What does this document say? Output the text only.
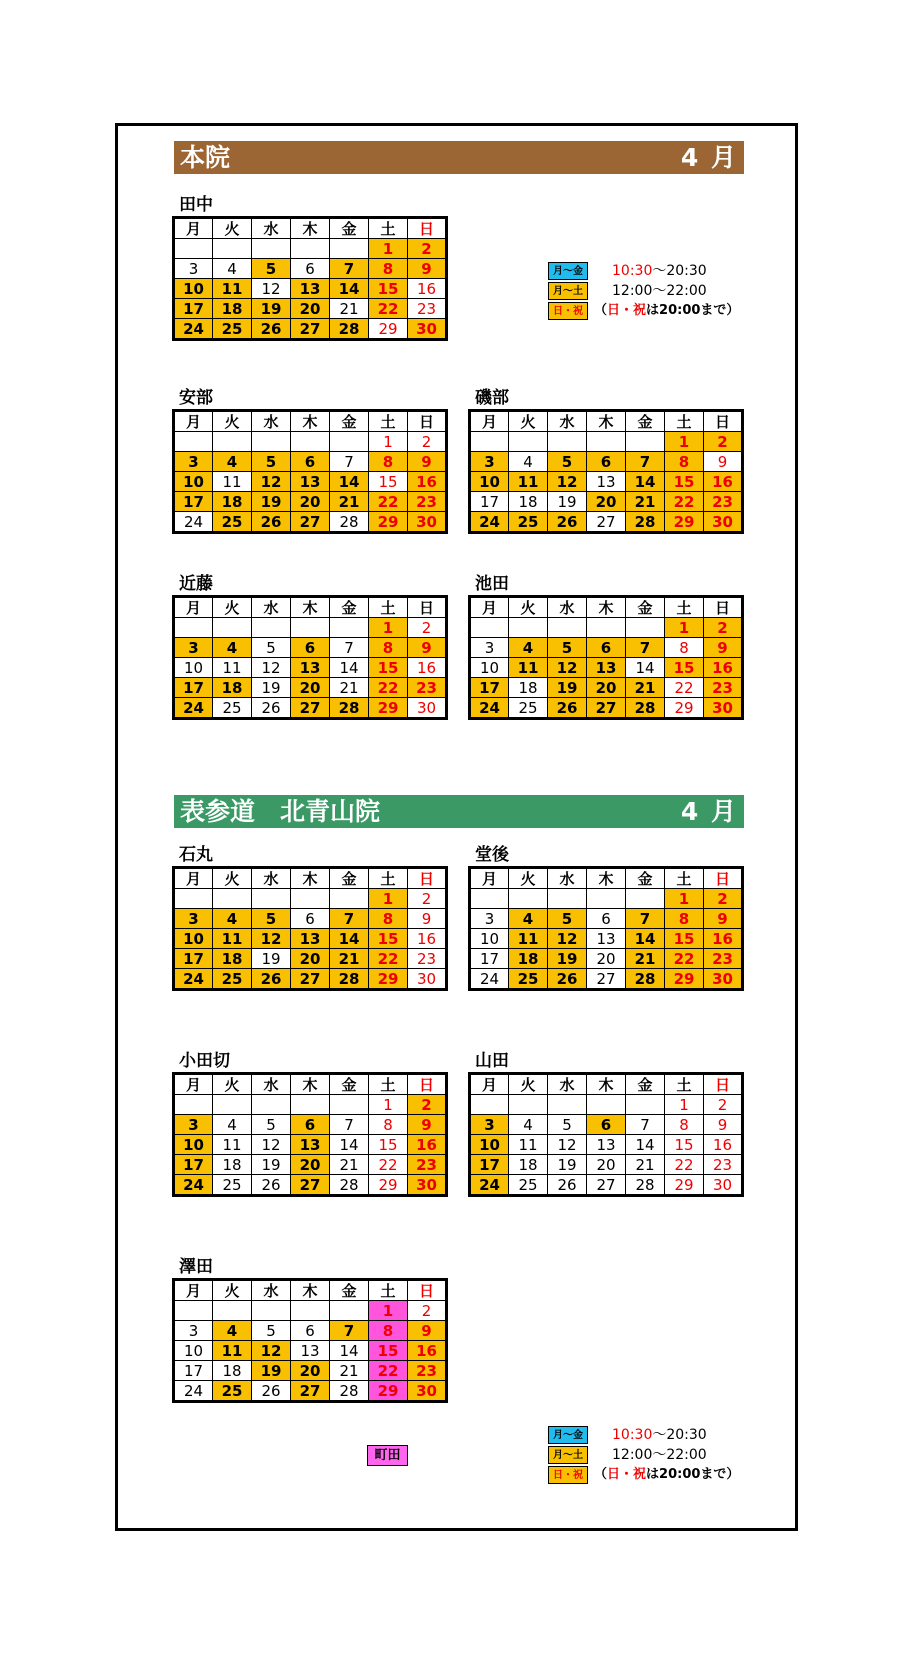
本院	4 月
表参道　北青山院	4 月
田中
月	火	水	木	金	土	日
					1	2
3	4	5	6	7	8	9
10	11	12	13	14	15	16
17	18	19	20	21	22	23
24	25	26	27	28	29	30
安部
月	火	水	木	金	土	日
					1	2
3	4	5	6	7	8	9
10	11	12	13	14	15	16
17	18	19	20	21	22	23
24	25	26	27	28	29	30
磯部
月	火	水	木	金	土	日
					1	2
3	4	5	6	7	8	9
10	11	12	13	14	15	16
17	18	19	20	21	22	23
24	25	26	27	28	29	30
近藤
月	火	水	木	金	土	日
					1	2
3	4	5	6	7	8	9
10	11	12	13	14	15	16
17	18	19	20	21	22	23
24	25	26	27	28	29	30
池田
月	火	水	木	金	土	日
					1	2
3	4	5	6	7	8	9
10	11	12	13	14	15	16
17	18	19	20	21	22	23
24	25	26	27	28	29	30
石丸
月	火	水	木	金	土	日
					1	2
3	4	5	6	7	8	9
10	11	12	13	14	15	16
17	18	19	20	21	22	23
24	25	26	27	28	29	30
堂後
月	火	水	木	金	土	日
					1	2
3	4	5	6	7	8	9
10	11	12	13	14	15	16
17	18	19	20	21	22	23
24	25	26	27	28	29	30
小田切
月	火	水	木	金	土	日
					1	2
3	4	5	6	7	8	9
10	11	12	13	14	15	16
17	18	19	20	21	22	23
24	25	26	27	28	29	30
山田
月	火	水	木	金	土	日
					1	2
3	4	5	6	7	8	9
10	11	12	13	14	15	16
17	18	19	20	21	22	23
24	25	26	27	28	29	30
澤田
月	火	水	木	金	土	日
					1	2
3	4	5	6	7	8	9
10	11	12	13	14	15	16
17	18	19	20	21	22	23
24	25	26	27	28	29	30
月～金	10:30～20:30
月～土	12:00～22:00
日・祝 （日・祝は20:00まで）
月～金	10:30～20:30
月～土	12:00～22:00
日・祝 （日・祝は20:00まで）
町田
